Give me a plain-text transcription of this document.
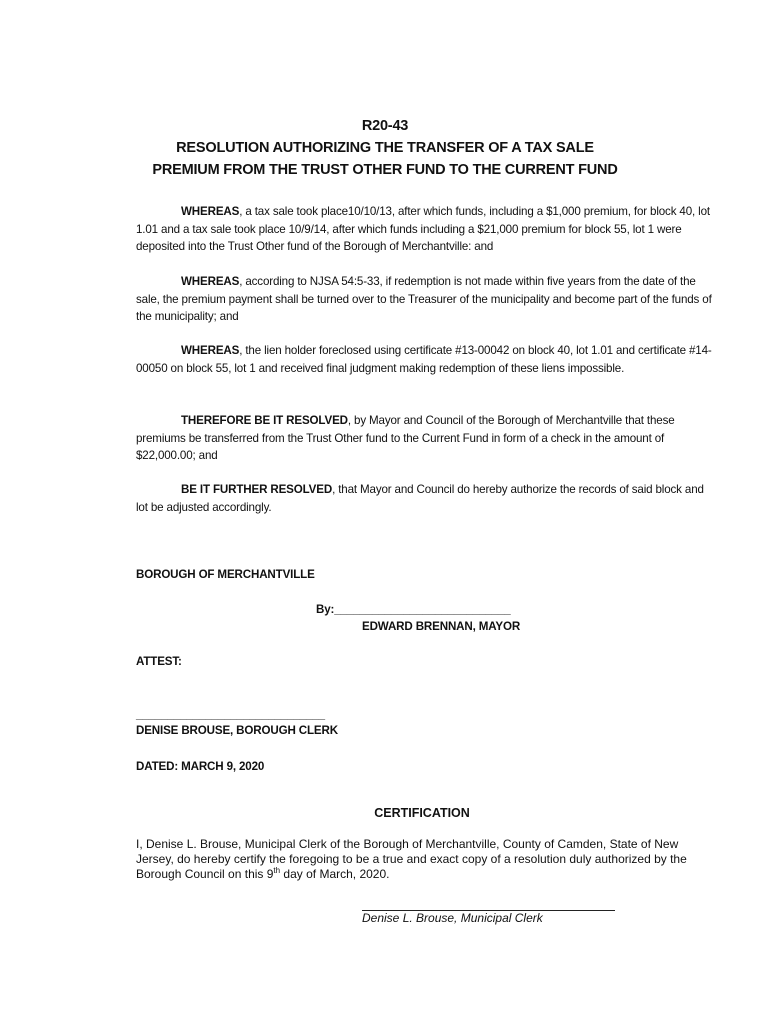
R20-43
RESOLUTION AUTHORIZING THE TRANSFER OF A TAX SALE
PREMIUM FROM THE TRUST OTHER FUND TO THE CURRENT FUND
WHEREAS, a tax sale took place10/10/13, after which funds, including a $1,000 premium, for block 40, lot 1.01 and a tax sale took place 10/9/14, after which funds including a $21,000 premium for block 55, lot 1 were deposited into the Trust Other fund of the Borough of Merchantville: and
WHEREAS, according to NJSA 54:5-33, if redemption is not made within five years from the date of the sale, the premium payment shall be turned over to the Treasurer of the municipality and become part of the funds of the municipality; and
WHEREAS, the lien holder foreclosed using certificate #13-00042 on block 40, lot 1.01 and certificate #14-00050 on block 55, lot 1 and received final judgment making redemption of these liens impossible.
THEREFORE BE IT RESOLVED, by Mayor and Council of the Borough of Merchantville that these premiums be transferred from the Trust Other fund to the Current Fund in form of a check in the amount of $22,000.00; and
BE IT FURTHER RESOLVED, that Mayor and Council do hereby authorize the records of said block and lot be adjusted accordingly.
BOROUGH OF MERCHANTVILLE
By:____________________________
EDWARD BRENNAN, MAYOR
ATTEST:
______________________________
DENISE BROUSE, BOROUGH CLERK
DATED: MARCH 9, 2020
CERTIFICATION
I, Denise L. Brouse, Municipal Clerk of the Borough of Merchantville, County of Camden, State of New Jersey, do hereby certify the foregoing to be a true and exact copy of a resolution duly authorized by the Borough Council on this 9th day of March, 2020.
Denise L. Brouse, Municipal Clerk
